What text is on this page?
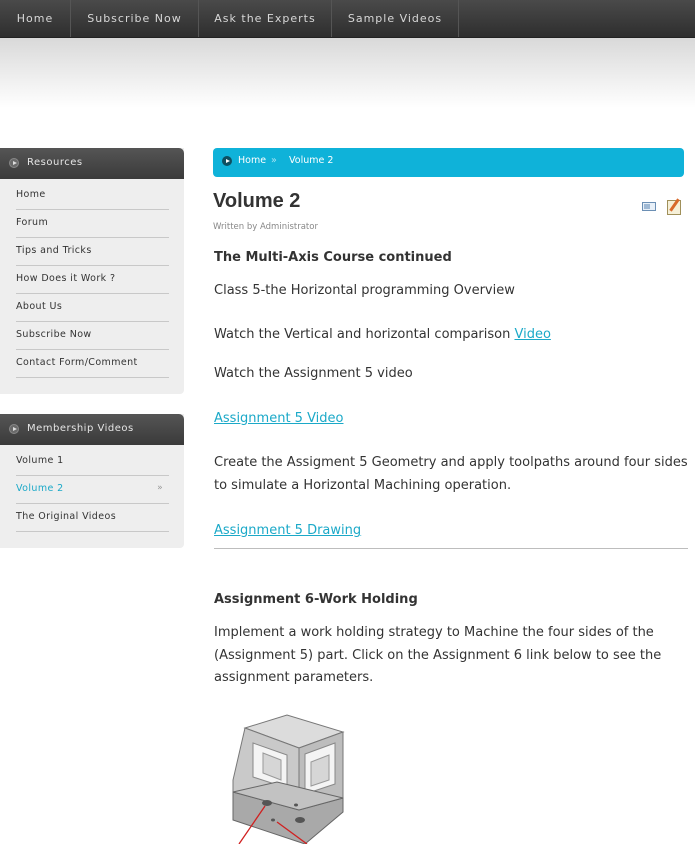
Home	Subscribe Now	Ask the Experts	Sample Videos
Resources
Home
Forum
Tips and Tricks
How Does it Work ?
About Us
Subscribe Now
Contact Form/Comment
Membership Videos
Volume 1
Volume 2	»
The Original Videos
Home » Volume 2
Volume 2
Written by Administrator

The Multi-Axis Course continued

Class 5-the Horizontal programming Overview

Watch the Vertical and horizontal comparison Video

Watch the Assignment 5 video

Assignment 5 Video

Create the Assigment 5 Geometry and apply toolpaths around four sides to simulate a Horizontal Machining operation.

Assignment 5 Drawing

Assignment 6-Work Holding

Implement a work holding strategy to Machine the four sides of the (Assignment 5) part. Click on the Assignment 6 link below to see the assignment parameters.
